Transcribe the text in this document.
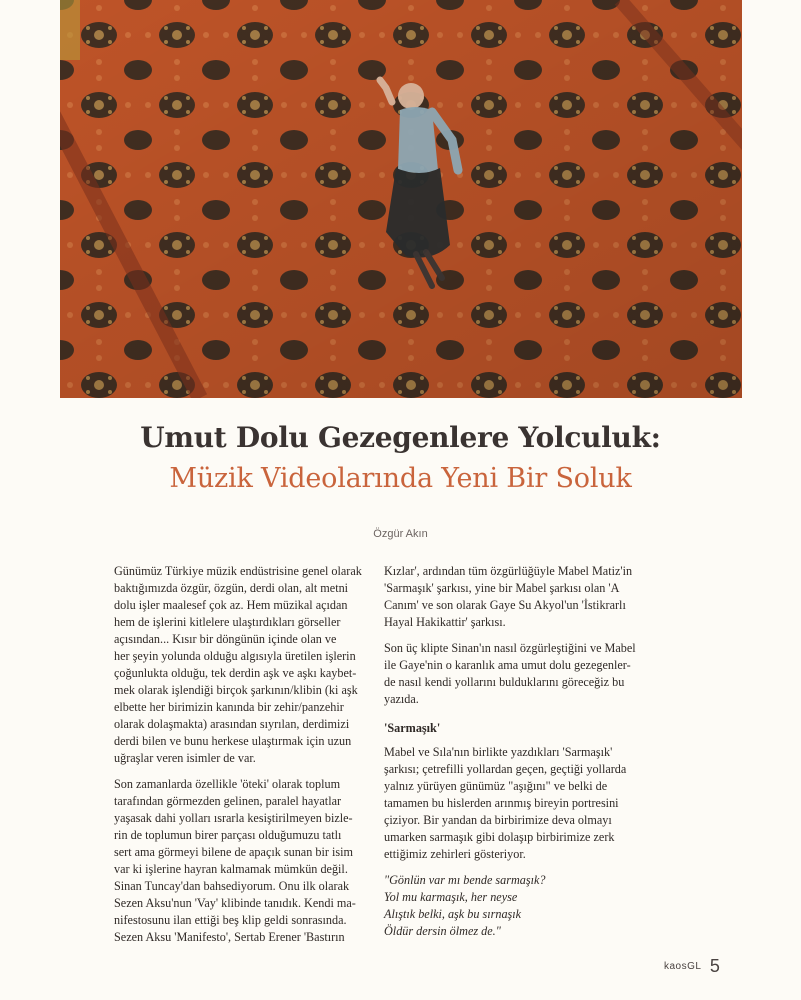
Umut Dolu Gezegenlere Yolculuk:
Müzik Videolarında Yeni Bir Soluk
Özgür Akın

Günümüz Türkiye müzik endüstrisine genel olarak
baktığımızda özgür, özgün, derdi olan, alt metni
dolu işler maalesef çok az. Hem müzikal açıdan
hem de işlerini kitlelere ulaştırdıkları görseller
açısından... Kısır bir döngünün içinde olan ve
her şeyin yolunda olduğu algısıyla üretilen işlerin
çoğunlukta olduğu, tek derdin aşk ve aşkı kaybet-
mek olarak işlendiği birçok şarkının/klibin (ki aşk
elbette her birimizin kanında bir zehir/panzehir
olarak dolaşmakta) arasından sıyrılan, derdimizi
derdi bilen ve bunu herkese ulaştırmak için uzun
uğraşlar veren isimler de var.

Son zamanlarda özellikle 'öteki' olarak toplum
tarafından görmezden gelinen, paralel hayatlar
yaşasak dahi yolları ısrarla kesiştirilmeyen bizle-
rin de toplumun birer parçası olduğumuzu tatlı
sert ama görmeyi bilene de apaçık sunan bir isim
var ki işlerine hayran kalmamak mümkün değil.
Sinan Tuncay'dan bahsediyorum. Onu ilk olarak
Sezen Aksu'nun 'Vay' klibinde tanıdık. Kendi ma-
nifestosunu ilan ettiği beş klip geldi sonrasında.
Sezen Aksu 'Manifesto', Sertab Erener 'Bastırın

Kızlar', ardından tüm özgürlüğüyle Mabel Matiz'in
'Sarmaşık' şarkısı, yine bir Mabel şarkısı olan 'A
Canım' ve son olarak Gaye Su Akyol'un 'İstikrarlı
Hayal Hakikattir' şarkısı.

Son üç klipte Sinan'ın nasıl özgürleştiğini ve Mabel
ile Gaye'nin o karanlık ama umut dolu gezegenler-
de nasıl kendi yollarını bulduklarını göreceğiz bu
yazıda.

'Sarmaşık'

Mabel ve Sıla'nın birlikte yazdıkları 'Sarmaşık'
şarkısı; çetrefilli yollardan geçen, geçtiği yollarda
yalnız yürüyen günümüz "aşığını" ve belki de
tamamen bu hislerden arınmış bireyin portresini
çiziyor. Bir yandan da birbirimize deva olmayı
umarken sarmaşık gibi dolaşıp birbirimize zerk
ettiğimiz zehirleri gösteriyor.

"Gönlün var mı bende sarmaşık?
Yol mu karmaşık, her neyse
Alıştık belki, aşk bu sırnaşık
Öldür dersin ölmez de."
kaosGL 5
